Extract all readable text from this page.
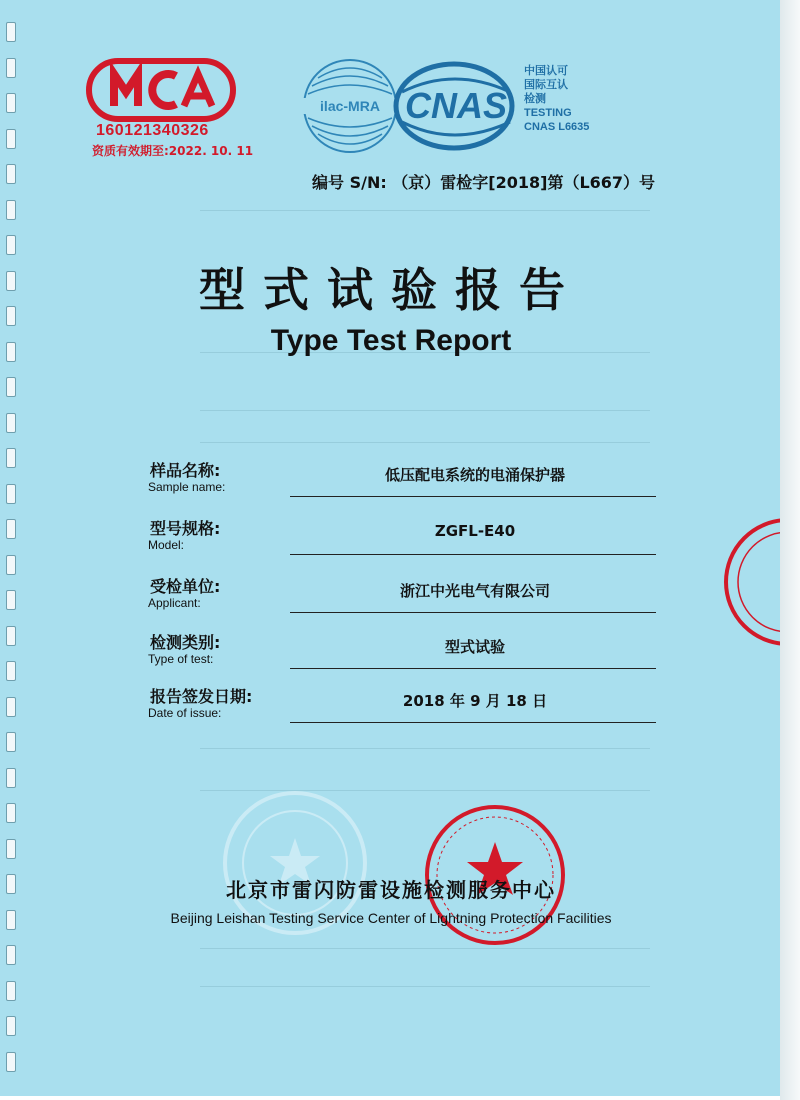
160121340326
资质有效期至:2022. 10. 11
ilac-MRA CNAS
中国认可
国际互认
检测
TESTING
CNAS L6635
编号 S/N: （京）雷检字[2018]第（L667）号
型式试验报告
Type Test Report
样品名称:
Sample name:
低压配电系统的电涌保护器
型号规格:
Model:
ZGFL-E40
受检单位:
Applicant:
浙江中光电气有限公司
检测类别:
Type of test:
型式试验
报告签发日期:
Date of issue:
2018 年 9 月 18 日
北京市雷闪防雷设施检测服务中心
Beijing Leishan Testing Service Center of Lightning Protection Facilities
